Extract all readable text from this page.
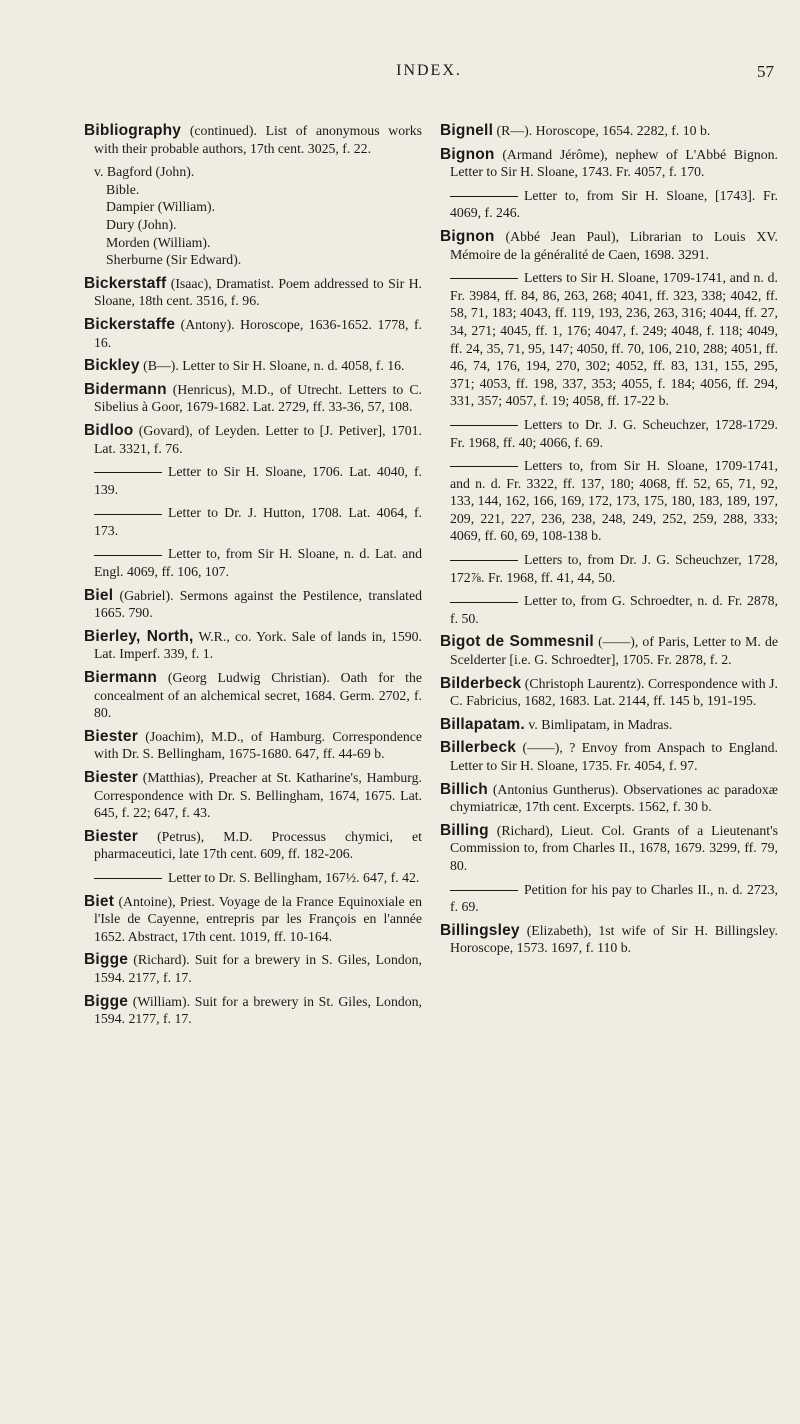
INDEX.	57
Bibliography (continued). List of anonymous works with their probable authors, 17th cent. 3025, f. 22.
v. Bagford (John).
Bible.
Dampier (William).
Dury (John).
Morden (William).
Sherburne (Sir Edward).
Bickerstaff (Isaac), Dramatist. Poem addressed to Sir H. Sloane, 18th cent. 3516, f. 96.
Bickerstaffe (Antony). Horoscope, 1636-1652. 1778, f. 16.
Bickley (B—). Letter to Sir H. Sloane, n. d. 4058, f. 16.
Bidermann (Henricus), M.D., of Utrecht. Letters to C. Sibelius à Goor, 1679-1682. Lat. 2729, ff. 33-36, 57, 108.
Bidloo (Govard), of Leyden. Letter to [J. Petiver], 1701. Lat. 3321, f. 76.
Letter to Sir H. Sloane, 1706. Lat. 4040, f. 139.
Letter to Dr. J. Hutton, 1708. Lat. 4064, f. 173.
Letter to, from Sir H. Sloane, n. d. Lat. and Engl. 4069, ff. 106, 107.
Biel (Gabriel). Sermons against the Pestilence, translated 1665. 790.
Bierley, North, W.R., co. York. Sale of lands in, 1590. Lat. Imperf. 339, f. 1.
Biermann (Georg Ludwig Christian). Oath for the concealment of an alchemical secret, 1684. Germ. 2702, f. 80.
Biester (Joachim), M.D., of Hamburg. Correspondence with Dr. S. Bellingham, 1675-1680. 647, ff. 44-69 b.
Biester (Matthias), Preacher at St. Katharine's, Hamburg. Correspondence with Dr. S. Bellingham, 1674, 1675. Lat. 645, f. 22; 647, f. 43.
Biester (Petrus), M.D. Processus chymici, et pharmaceutici, late 17th cent. 609, ff. 182-206.
Letter to Dr. S. Bellingham, 167½. 647, f. 42.
Biet (Antoine), Priest. Voyage de la France Equinoxiale en l'Isle de Cayenne, entrepris par les François en l'année 1652. Abstract, 17th cent. 1019, ff. 10-164.
Bigge (Richard). Suit for a brewery in S. Giles, London, 1594. 2177, f. 17.
Bigge (William). Suit for a brewery in St. Giles, London, 1594. 2177, f. 17.
Bignell (R—). Horoscope, 1654. 2282, f. 10 b.
Bignon (Armand Jérôme), nephew of L'Abbé Bignon. Letter to Sir H. Sloane, 1743. Fr. 4057, f. 170.
Letter to, from Sir H. Sloane, [1743]. Fr. 4069, f. 246.
Bignon (Abbé Jean Paul), Librarian to Louis XV. Mémoire de la généralité de Caen, 1698. 3291.
Letters to Sir H. Sloane, 1709-1741, and n. d. Fr. 3984, ff. 84, 86, 263, 268; 4041, ff. 323, 338; 4042, ff. 58, 71, 183; 4043, ff. 119, 193, 236, 263, 316; 4044, ff. 27, 34, 271; 4045, ff. 1, 176; 4047, f. 249; 4048, f. 118; 4049, ff. 24, 35, 71, 95, 147; 4050, ff. 70, 106, 210, 288; 4051, ff. 46, 74, 176, 194, 270, 302; 4052, ff. 83, 131, 155, 295, 371; 4053, ff. 198, 337, 353; 4055, f. 184; 4056, ff. 294, 331, 357; 4057, f. 19; 4058, ff. 17-22 b.
Letters to Dr. J. G. Scheuchzer, 1728-1729. Fr. 1968, ff. 40; 4066, f. 69.
Letters to, from Sir H. Sloane, 1709-1741, and n. d. Fr. 3322, ff. 137, 180; 4068, ff. 52, 65, 71, 92, 133, 144, 162, 166, 169, 172, 173, 175, 180, 183, 189, 197, 209, 221, 227, 236, 238, 248, 249, 252, 259, 288, 333; 4069, ff. 60, 69, 108-138 b.
Letters to, from Dr. J. G. Scheuchzer, 1728, 172⅞. Fr. 1968, ff. 41, 44, 50.
Letter to, from G. Schroedter, n. d. Fr. 2878, f. 50.
Bigot de Sommesnil (——), of Paris, Letter to M. de Scelderter [i.e. G. Schroedter], 1705. Fr. 2878, f. 2.
Bilderbeck (Christoph Laurentz). Correspondence with J. C. Fabricius, 1682, 1683. Lat. 2144, ff. 145 b, 191-195.
Billapatam. v. Bimlipatam, in Madras.
Billerbeck (——), ? Envoy from Anspach to England. Letter to Sir H. Sloane, 1735. Fr. 4054, f. 97.
Billich (Antonius Guntherus). Observationes ac paradoxæ chymiatricæ, 17th cent. Excerpts. 1562, f. 30 b.
Billing (Richard), Lieut. Col. Grants of a Lieutenant's Commission to, from Charles II., 1678, 1679. 3299, ff. 79, 80.
Petition for his pay to Charles II., n. d. 2723, f. 69.
Billingsley (Elizabeth), 1st wife of Sir H. Billingsley. Horoscope, 1573. 1697, f. 110 b.
